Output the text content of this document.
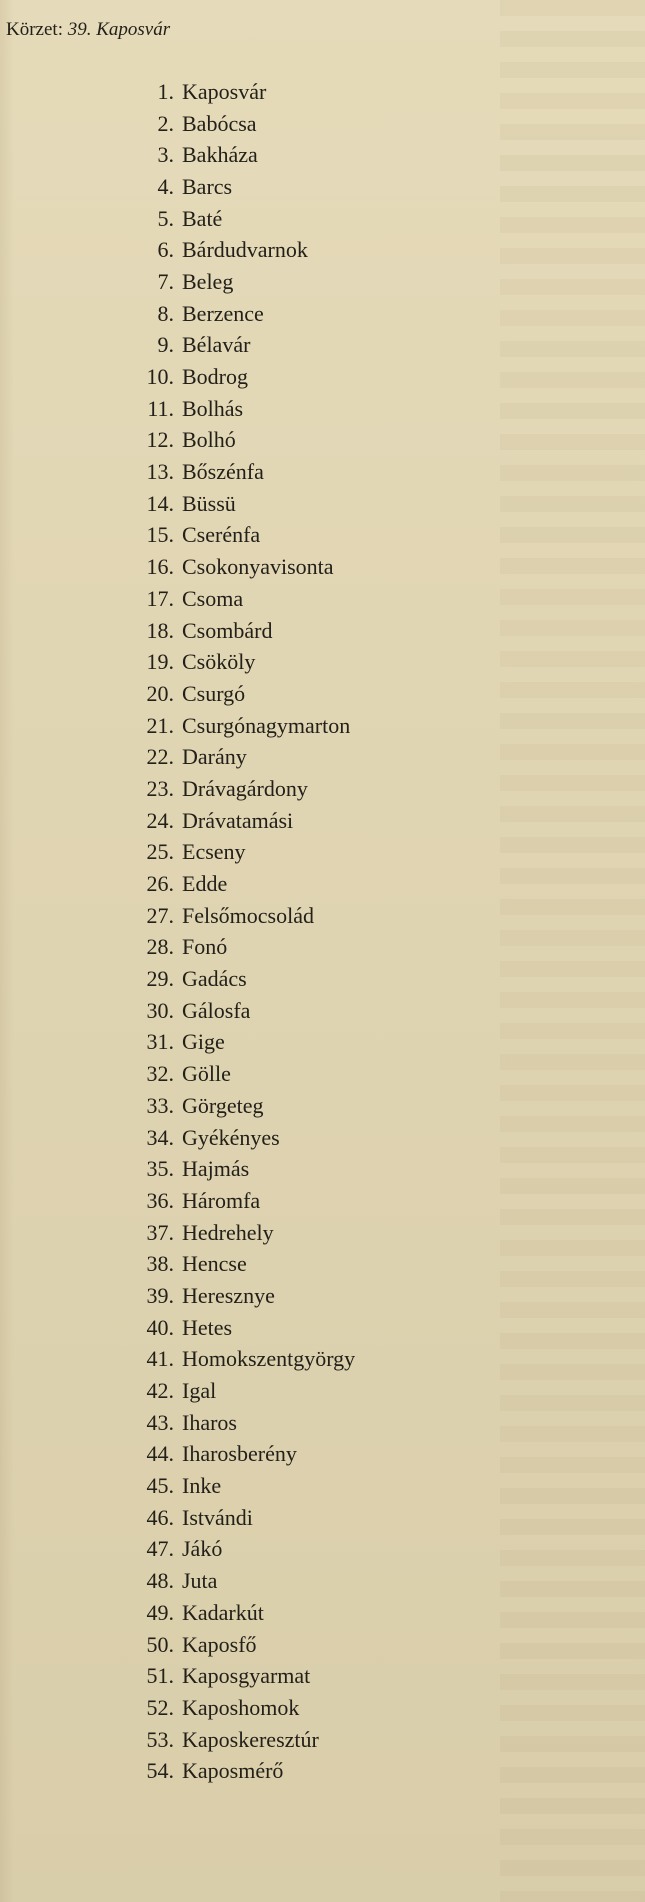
Körzet: 39. Kaposvár
1. Kaposvár
2. Babócsa
3. Bakháza
4. Barcs
5. Baté
6. Bárdudvarnok
7. Beleg
8. Berzence
9. Bélavár
10. Bodrog
11. Bolhás
12. Bolhó
13. Bőszénfa
14. Büssü
15. Cserénfa
16. Csokonyavisonta
17. Csoma
18. Csombárd
19. Csököly
20. Csurgó
21. Csurgónagymarton
22. Darány
23. Drávagárdony
24. Drávatamási
25. Ecseny
26. Edde
27. Felsőmocsolád
28. Fonó
29. Gadács
30. Gálosfa
31. Gige
32. Gölle
33. Görgeteg
34. Gyékényes
35. Hajmás
36. Háromfa
37. Hedrehely
38. Hencse
39. Heresznye
40. Hetes
41. Homokszentgyörgy
42. Igal
43. Iharos
44. Iharosberény
45. Inke
46. Istvándi
47. Jákó
48. Juta
49. Kadarkút
50. Kaposfő
51. Kaposgyarmat
52. Kaposhomok
53. Kaposkeresztúr
54. Kaposmérő
